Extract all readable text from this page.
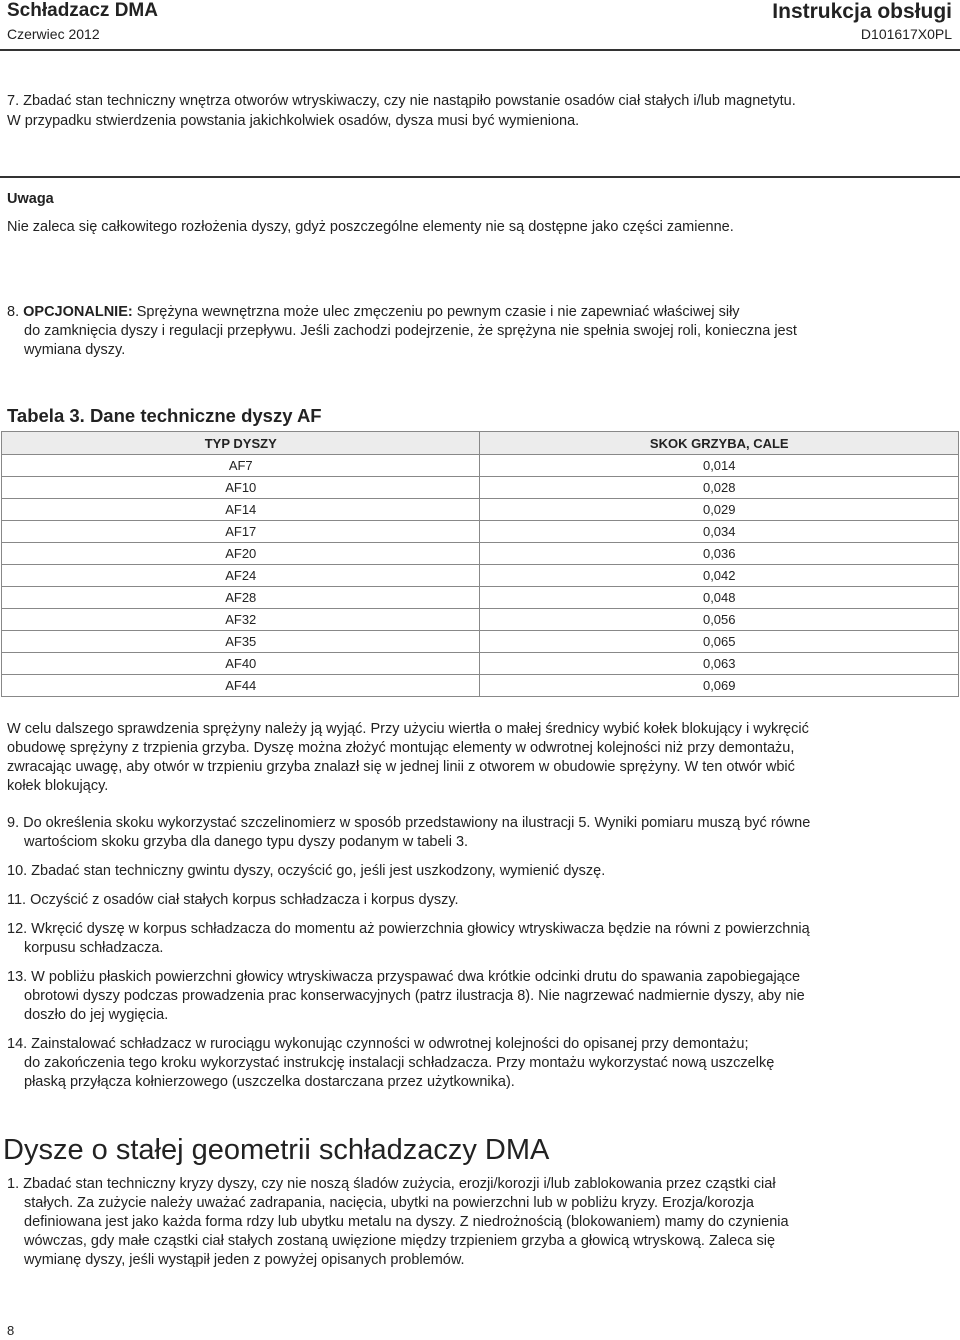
Schładzacz DMA
Czerwiec 2012
Instrukcja obsługi
D101617X0PL
7. Zbadać stan techniczny wnętrza otworów wtryskiwaczy, czy nie nastąpiło powstanie osadów ciał stałych i/lub magnetytu.
W przypadku stwierdzenia powstania jakichkolwiek osadów, dysza musi być wymieniona.
Uwaga
Nie zaleca się całkowitego rozłożenia dyszy, gdyż poszczególne elementy nie są dostępne jako części zamienne.
8. OPCJONALNIE: Sprężyna wewnętrzna może ulec zmęczeniu po pewnym czasie i nie zapewniać właściwej siły
do zamknięcia dyszy i regulacji przepływu. Jeśli zachodzi podejrzenie, że sprężyna nie spełnia swojej roli, konieczna jest
wymiana dyszy.
Tabela 3. Dane techniczne dyszy AF
TYP DYSZY	SKOK GRZYBA, CALE
AF7	0,014
AF10	0,028
AF14	0,029
AF17	0,034
AF20	0,036
AF24	0,042
AF28	0,048
AF32	0,056
AF35	0,065
AF40	0,063
AF44	0,069
W celu dalszego sprawdzenia sprężyny należy ją wyjąć. Przy użyciu wiertła o małej średnicy wybić kołek blokujący i wykręcić
obudowę sprężyny z trzpienia grzyba. Dyszę można złożyć montując elementy w odwrotnej kolejności niż przy demontażu,
zwracając uwagę, aby otwór w trzpieniu grzyba znalazł się w jednej linii z otworem w obudowie sprężyny. W ten otwór wbić
kołek blokujący.
9. Do określenia skoku wykorzystać szczelinomierz w sposób przedstawiony na ilustracji 5. Wyniki pomiaru muszą być równe
wartościom skoku grzyba dla danego typu dyszy podanym w tabeli 3.
10. Zbadać stan techniczny gwintu dyszy, oczyścić go, jeśli jest uszkodzony, wymienić dyszę.
11. Oczyścić z osadów ciał stałych korpus schładzacza i korpus dyszy.
12. Wkręcić dyszę w korpus schładzacza do momentu aż powierzchnia głowicy wtryskiwacza będzie na równi z powierzchnią
korpusu schładzacza.
13. W pobliżu płaskich powierzchni głowicy wtryskiwacza przyspawać dwa krótkie odcinki drutu do spawania zapobiegające
obrotowi dyszy podczas prowadzenia prac konserwacyjnych (patrz ilustracja 8). Nie nagrzewać nadmiernie dyszy, aby nie
doszło do jej wygięcia.
14. Zainstalować schładzacz w rurociągu wykonując czynności w odwrotnej kolejności do opisanej przy demontażu;
do zakończenia tego kroku wykorzystać instrukcję instalacji schładzacza. Przy montażu wykorzystać nową uszczelkę
płaską przyłącza kołnierzowego (uszczelka dostarczana przez użytkownika).
Dysze o stałej geometrii schładzaczy DMA
1. Zbadać stan techniczny kryzy dyszy, czy nie noszą śladów zużycia, erozji/korozji i/lub zablokowania przez cząstki ciał
stałych. Za zużycie należy uważać zadrapania, nacięcia, ubytki na powierzchni lub w pobliżu kryzy. Erozja/korozja
definiowana jest jako każda forma rdzy lub ubytku metalu na dyszy. Z niedrożnością (blokowaniem) mamy do czynienia
wówczas, gdy małe cząstki ciał stałych zostaną uwięzione między trzpieniem grzyba a głowicą wtryskową. Zaleca się
wymianę dyszy, jeśli wystąpił jeden z powyżej opisanych problemów.
8
